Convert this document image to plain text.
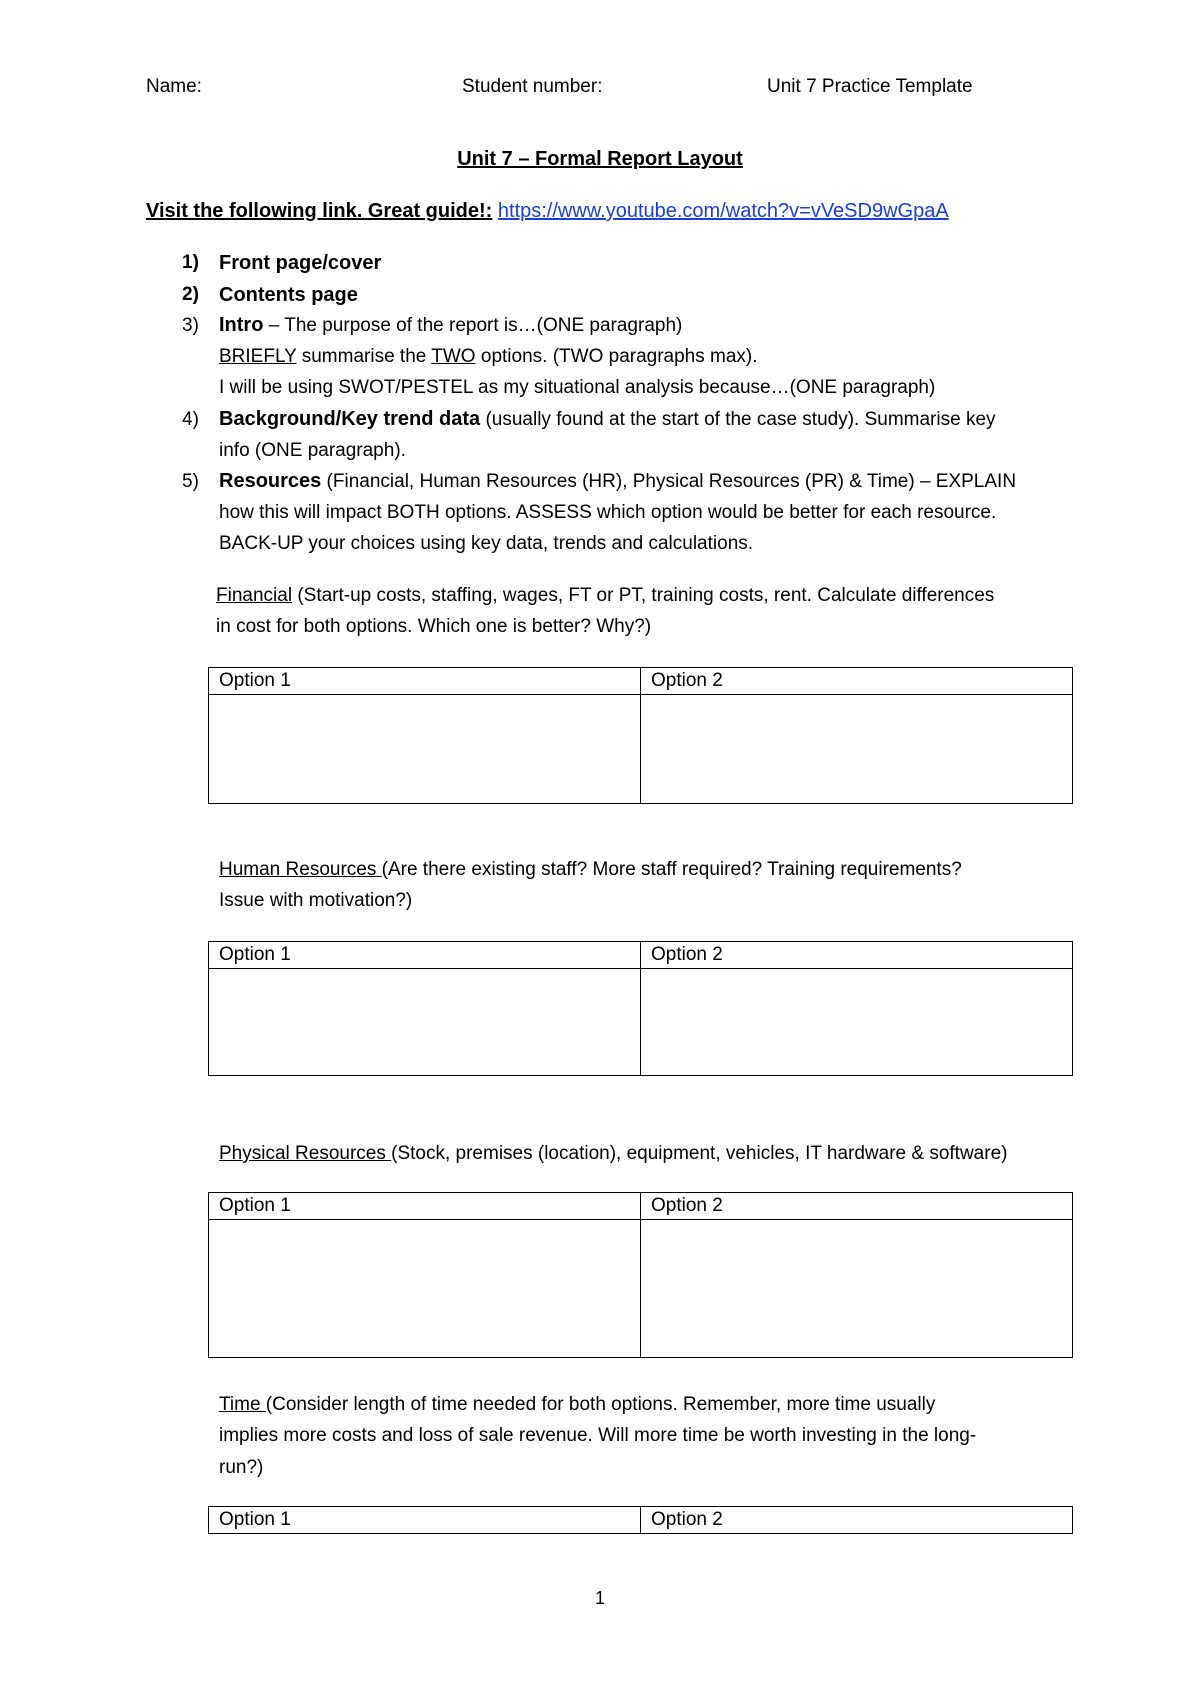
Name:	Student number:	Unit 7 Practice Template
Unit 7 – Formal Report Layout
Visit the following link. Great guide!: https://www.youtube.com/watch?v=vVeSD9wGpaA
1) Front page/cover
2) Contents page
3) Intro – The purpose of the report is…(ONE paragraph)
BRIEFLY summarise the TWO options. (TWO paragraphs max).
I will be using SWOT/PESTEL as my situational analysis because…(ONE paragraph)
4) Background/Key trend data (usually found at the start of the case study). Summarise key
info (ONE paragraph).
5) Resources (Financial, Human Resources (HR), Physical Resources (PR) & Time) – EXPLAIN
how this will impact BOTH options. ASSESS which option would be better for each resource.
BACK-UP your choices using key data, trends and calculations.
Financial (Start-up costs, staffing, wages, FT or PT, training costs, rent. Calculate differences
in cost for both options. Which one is better? Why?)
Option 1	Option 2

Human Resources (Are there existing staff? More staff required? Training requirements?
Issue with motivation?)
Option 1	Option 2

Physical Resources (Stock, premises (location), equipment, vehicles, IT hardware & software)
Option 1	Option 2

Time (Consider length of time needed for both options. Remember, more time usually
implies more costs and loss of sale revenue. Will more time be worth investing in the long-
run?)
Option 1	Option 2
1
